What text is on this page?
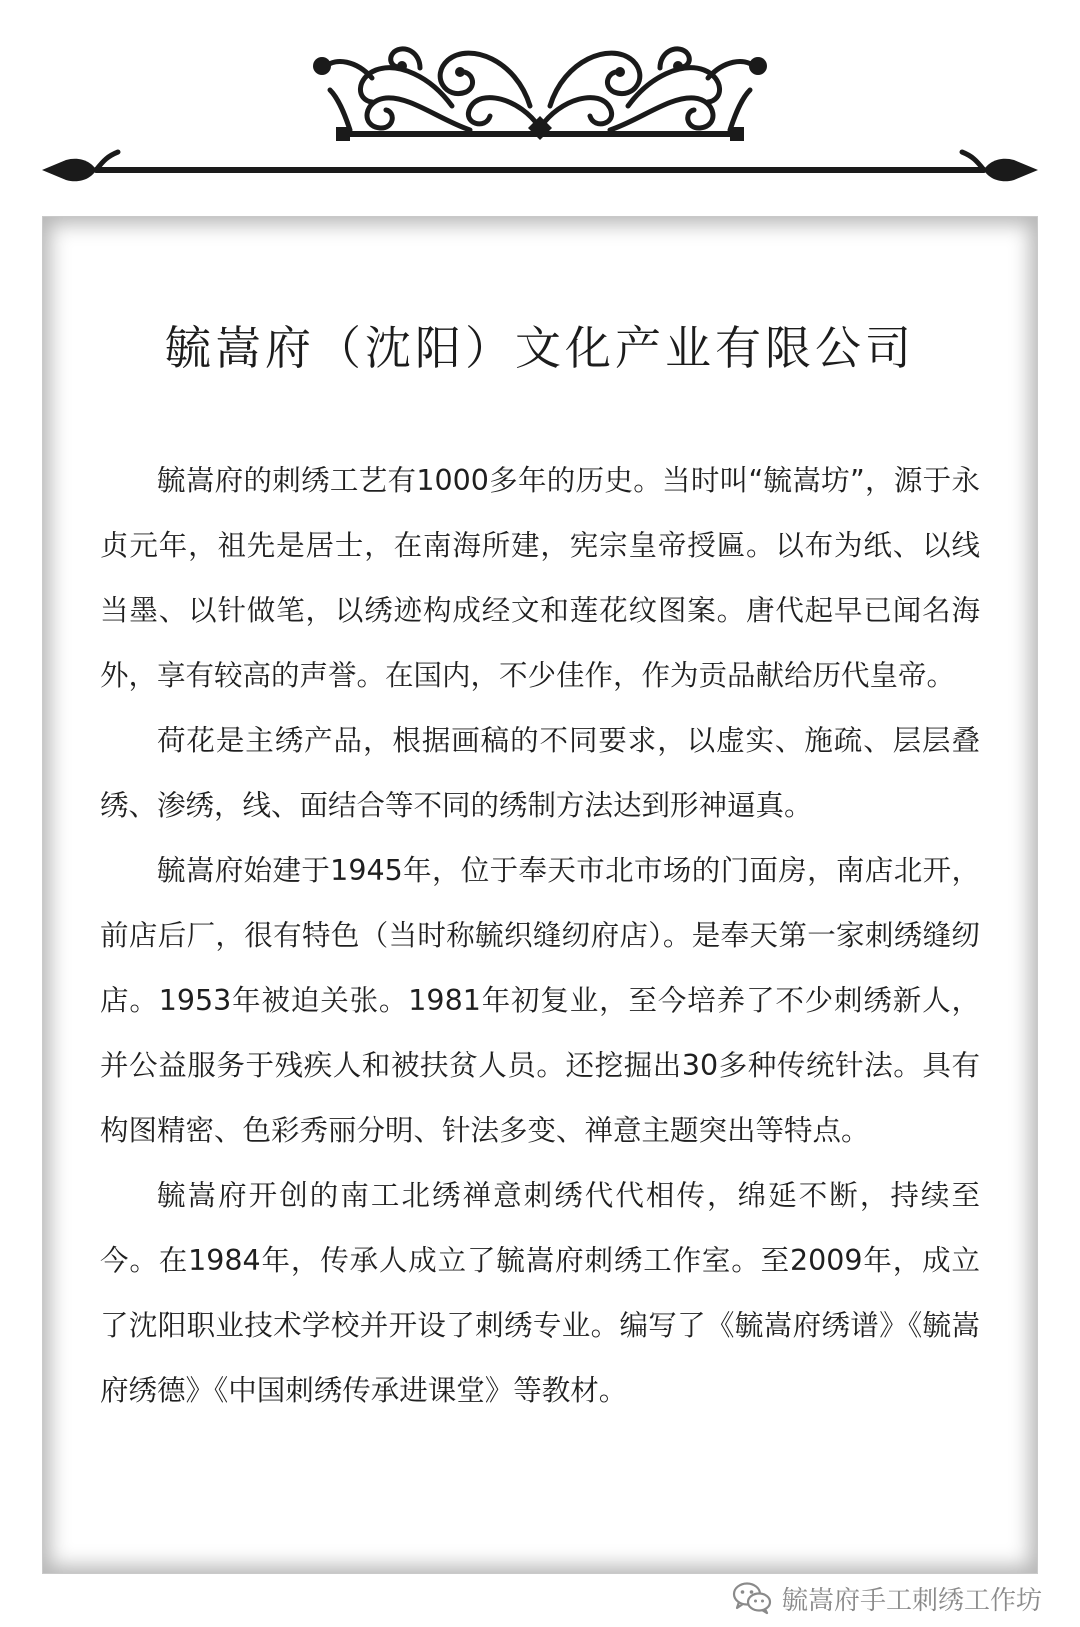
毓嵩府（沈阳）文化产业有限公司

毓嵩府的刺绣工艺有1000多年的历史。当时叫“毓嵩坊”，源于永贞元年，祖先是居士，在南海所建，宪宗皇帝授匾。以布为纸、以线当墨、以针做笔，以绣迹构成经文和莲花纹图案。唐代起早已闻名海外，享有较高的声誉。在国内，不少佳作，作为贡品献给历代皇帝。

荷花是主绣产品，根据画稿的不同要求，以虚实、施疏、层层叠绣、渗绣，线、面结合等不同的绣制方法达到形神逼真。

毓嵩府始建于1945年，位于奉天市北市场的门面房，南店北开，前店后厂，很有特色（当时称毓织缝纫府店）。是奉天第一家刺绣缝纫店。1953年被迫关张。1981年初复业，至今培养了不少刺绣新人，并公益服务于残疾人和被扶贫人员。还挖掘出30多种传统针法。具有构图精密、色彩秀丽分明、针法多变、禅意主题突出等特点。

毓嵩府开创的南工北绣禅意刺绣代代相传，绵延不断，持续至今。在1984年，传承人成立了毓嵩府刺绣工作室。至2009年，成立了沈阳职业技术学校并开设了刺绣专业。编写了《毓嵩府绣谱》《毓嵩府绣德》《中国刺绣传承进课堂》等教材。

毓嵩府手工刺绣工作坊
